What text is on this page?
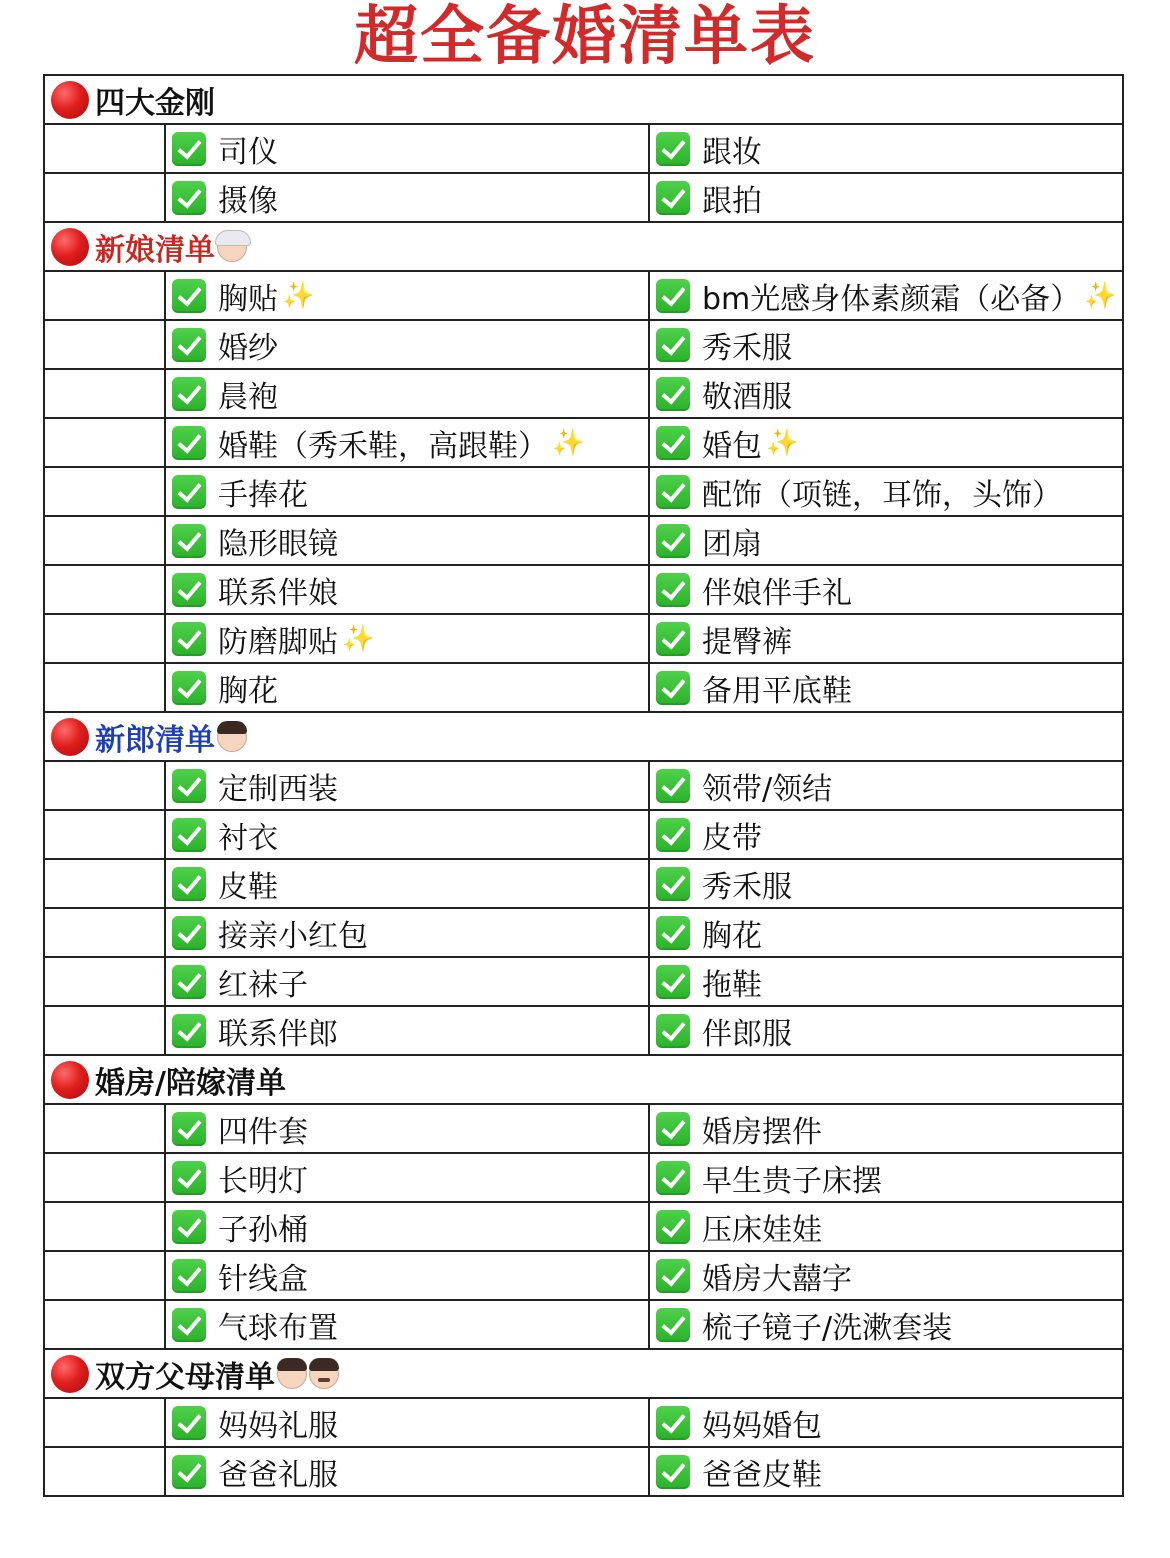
超全备婚清单表
四大金刚		

	司仪	跟妆

	摄像	跟拍

新娘清单		

	胸贴 ✨	bm光感身体素颜霜（必备） ✨

	婚纱	秀禾服

	晨袍	敬酒服

	婚鞋（秀禾鞋，高跟鞋） ✨	婚包 ✨

	手捧花	配饰（项链，耳饰，头饰）

	隐形眼镜	团扇

	联系伴娘	伴娘伴手礼

	防磨脚贴 ✨	提臀裤

	胸花	备用平底鞋

新郎清单		

	定制西装	领带/领结

	衬衣	皮带

	皮鞋	秀禾服

	接亲小红包	胸花

	红袜子	拖鞋

	联系伴郎	伴郎服

婚房/陪嫁清单		

	四件套	婚房摆件

	长明灯	早生贵子床摆

	子孙桶	压床娃娃

	针线盒	婚房大囍字

	气球布置	梳子镜子/洗漱套装

双方父母清单		

	妈妈礼服	妈妈婚包

	爸爸礼服	爸爸皮鞋
